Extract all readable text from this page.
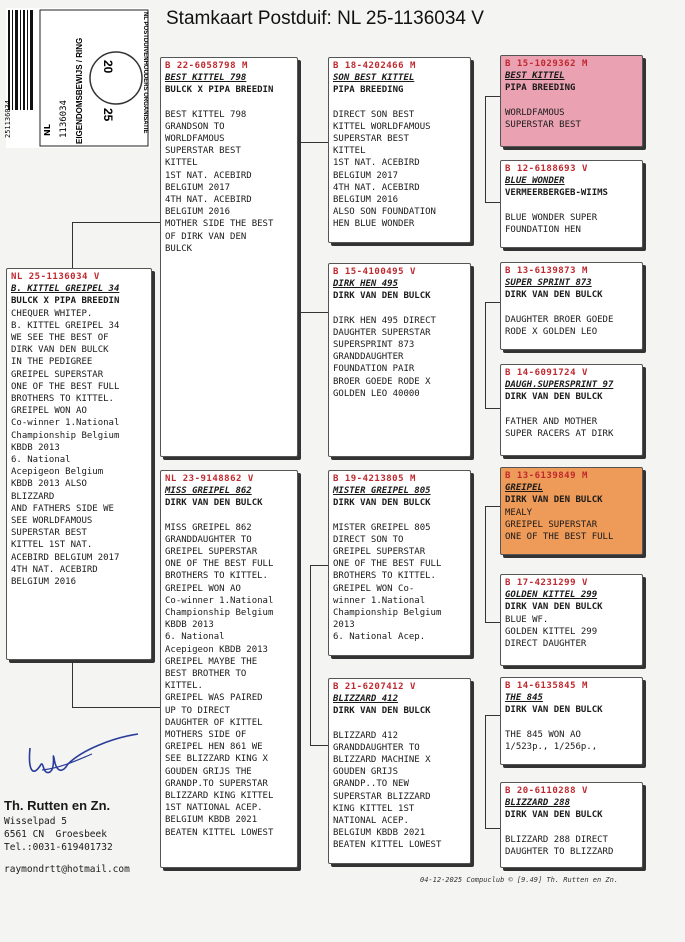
Stamkaart Postduif: NL 25-1136034 V
251136034	NL 1136034 EIGENDOMSBEWIJS / RING 20
25	NL POSTDUIVENHOUDERS ORGANISATIE
NL 25-1136034 V
B. KITTEL GREIPEL 34
BULCK X PIPA BREEDIN
CHEQUER WHITEP.
B. KITTEL GREIPEL 34
WE SEE THE BEST OF
DIRK VAN DEN BULCK
IN THE PEDIGREE
GREIPEL SUPERSTAR
ONE OF THE BEST FULL
BROTHERS TO KITTEL.
GREIPEL WON AO
Co-winner 1.National
Championship Belgium
KBDB 2013
6. National
Acepigeon Belgium
KBDB 2013 ALSO
BLIZZARD
AND FATHERS SIDE WE
SEE WORLDFAMOUS
SUPERSTAR BEST
KITTEL 1ST NAT.
ACEBIRD BELGIUM 2017
4TH NAT. ACEBIRD
BELGIUM 2016
B 22-6058798 M
BEST KITTEL 798
BULCK X PIPA BREEDIN
BEST KITTEL 798
GRANDSON TO
WORLDFAMOUS
SUPERSTAR BEST
KITTEL
1ST NAT. ACEBIRD
BELGIUM 2017
4TH NAT. ACEBIRD
BELGIUM 2016
MOTHER SIDE THE BEST
OF DIRK VAN DEN
BULCK
NL 23-9148862 V
MISS GREIPEL 862
DIRK VAN DEN BULCK
MISS GREIPEL 862
GRANDDAUGHTER TO
GREIPEL SUPERSTAR
ONE OF THE BEST FULL
BROTHERS TO KITTEL.
GREIPEL WON AO
Co-winner 1.National
Championship Belgium
KBDB 2013
6. National
Acepigeon KBDB 2013
GREIPEL MAYBE THE
BEST BROTHER TO
KITTEL.
GREIPEL WAS PAIRED
UP TO DIRECT
DAUGHTER OF KITTEL
MOTHERS SIDE OF
GREIPEL HEN 861 WE
SEE BLIZZARD KING X
GOUDEN GRIJS THE
GRANDP.TO SUPERSTAR
BLIZZARD KING KITTEL
1ST NATIONAL ACEP.
BELGIUM KBDB 2021
BEATEN KITTEL LOWEST
B 18-4202466 M
SON BEST KITTEL
PIPA BREEDING
DIRECT SON BEST
KITTEL WORLDFAMOUS
SUPERSTAR BEST
KITTEL
1ST NAT. ACEBIRD
BELGIUM 2017
4TH NAT. ACEBIRD
BELGIUM 2016
ALSO SON FOUNDATION
HEN BLUE WONDER
B 15-4100495 V
DIRK HEN 495
DIRK VAN DEN BULCK
DIRK HEN 495 DIRECT
DAUGHTER SUPERSTAR
SUPERSPRINT 873
GRANDDAUGHTER
FOUNDATION PAIR
BROER GOEDE RODE X
GOLDEN LEO 40000
B 19-4213805 M
MISTER GREIPEL 805
DIRK VAN DEN BULCK
MISTER GREIPEL 805
DIRECT SON TO
GREIPEL SUPERSTAR
ONE OF THE BEST FULL
BROTHERS TO KITTEL.
GREIPEL WON Co-
winner 1.National
Championship Belgium
2013
6. National Acep.
B 21-6207412 V
BLIZZARD 412
DIRK VAN DEN BULCK
BLIZZARD 412
GRANDDAUGHTER TO
BLIZZARD MACHINE X
GOUDEN GRIJS
GRANDP..TO NEW
SUPERSTAR BLIZZARD
KING KITTEL 1ST
NATIONAL ACEP.
BELGIUM KBDB 2021
BEATEN KITTEL LOWEST
B 15-1029362 M
BEST KITTEL
PIPA BREEDING
WORLDFAMOUS
SUPERSTAR BEST
B 12-6188693 V
BLUE WONDER
VERMEERBERGEB-WIIMS
BLUE WONDER SUPER
FOUNDATION HEN
B 13-6139873 M
SUPER SPRINT 873
DIRK VAN DEN BULCK
DAUGHTER BROER GOEDE
RODE X GOLDEN LEO
B 14-6091724 V
DAUGH.SUPERSPRINT 97
DIRK VAN DEN BULCK
FATHER AND MOTHER
SUPER RACERS AT DIRK
B 13-6139849 M
GREIPEL
DIRK VAN DEN BULCK
MEALY
GREIPEL SUPERSTAR
ONE OF THE BEST FULL
B 17-4231299 V
GOLDEN KITTEL 299
DIRK VAN DEN BULCK
BLUE WF.
GOLDEN KITTEL 299
DIRECT DAUGHTER
B 14-6135845 M
THE 845
DIRK VAN DEN BULCK
THE 845 WON AO
1/523p., 1/256p.,
B 20-6110288 V
BLIZZARD 288
DIRK VAN DEN BULCK
BLIZZARD 288 DIRECT
DAUGHTER TO BLIZZARD
Th. Rutten en Zn.
Wisselpad 5
6561 CN  Groesbeek
Tel.:0031-619401732
raymondrtt@hotmail.com
04-12-2025 Compuclub © [9.49] Th. Rutten en Zn.
